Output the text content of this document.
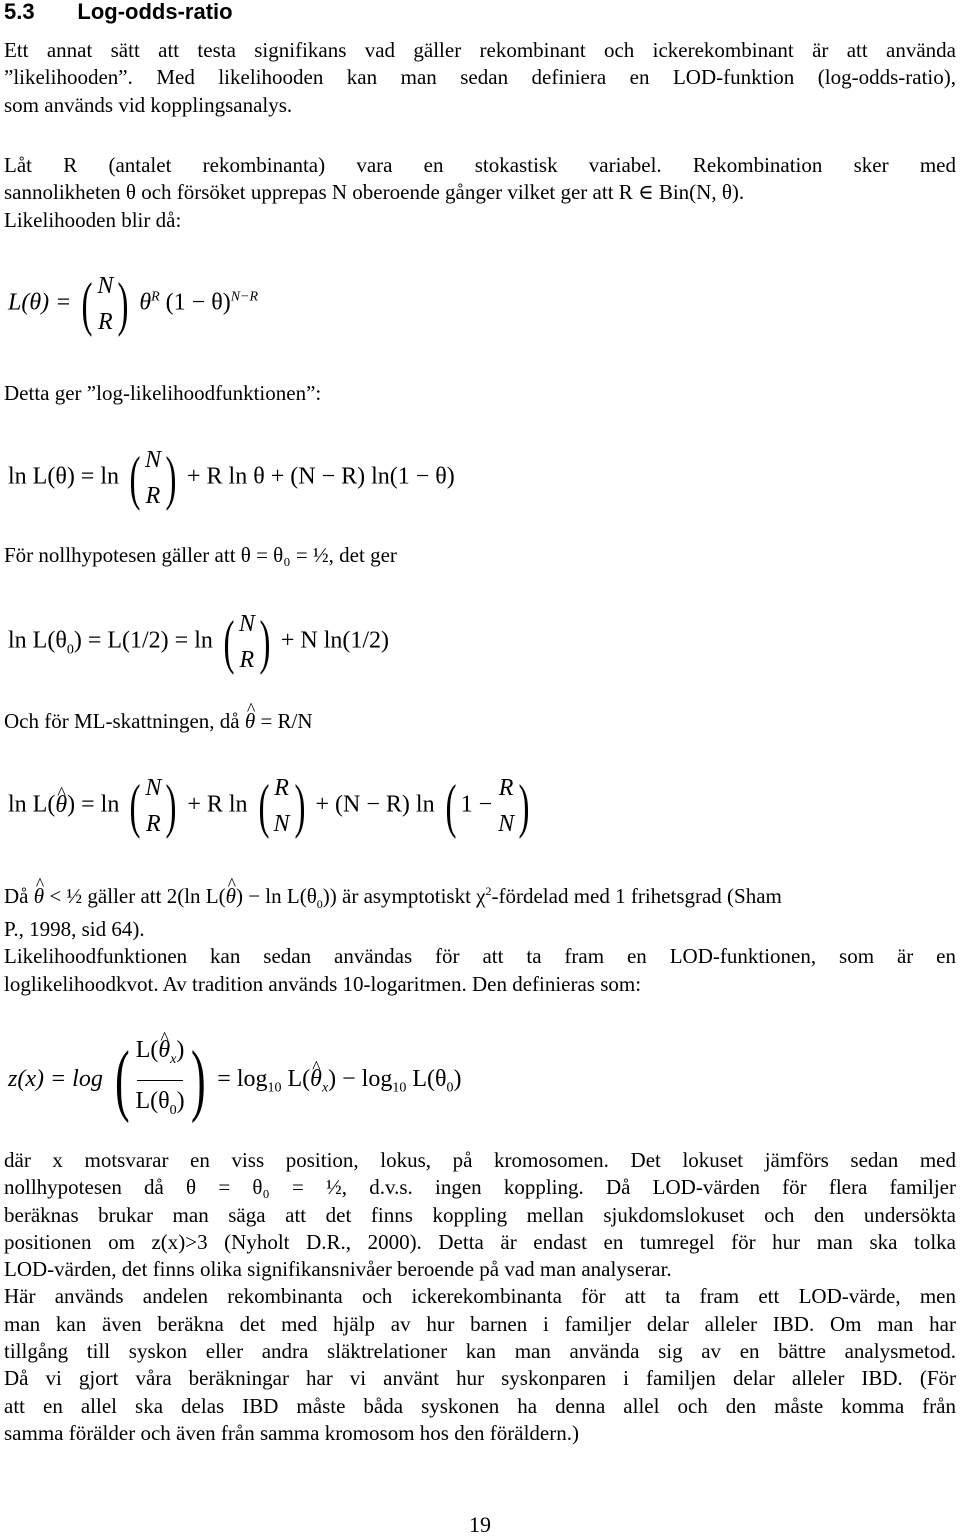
5.3 Log-odds-ratio
Ett annat sätt att testa signifikans vad gäller rekombinant och ickerekombinant är att använda
”likelihooden”. Med likelihooden kan man sedan definiera en LOD-funktion (log-odds-ratio),
som används vid kopplingsanalys.
Låt R (antalet rekombinanta) vara en stokastisk variabel. Rekombination sker med
sannolikheten θ och försöket upprepas N oberoende gånger vilket ger att R ∈ Bin(N, θ).
Likelihooden blir då:
L(θ) = ( N
R ) $\theta^R$ $(1 - \theta)^{N-R}$
Detta ger ”log-likelihoodfunktionen”:
ln L(θ) = ln ( N
R ) + R ln θ + (N − R) ln(1 − θ)
För nollhypotesen gäller att θ = θ₀ = ½, det ger
$\ln L(\theta_0) = L(1/2) = \ln$ ( N
R ) + N ln(1/2)
Och för ML-skattningen, då ^ θ = R/N
ln L(^ θ) = ln ( N
R ) + R ln ( R
N ) + (N − R) ln ( 1 −
R
N )
Då ^ θ < ½ gäller att 2(ln L(^ $\theta) - \ln L(\theta_0)$) är asymptotiskt $\chi^2$-fördelad med 1 frihetsgrad (Sham
P., 1998, sid 64).
Likelihoodfunktionen kan sedan användas för att ta fram en LOD-funktionen, som är en
loglikelihoodkvot. Av tradition används 10-logaritmen. Den definieras som:
z(x) = log ( $\frac{L(\^{} \theta_x)}{L(\theta_0)}$ ) = $\log_{10}$ L(^ $\theta_x) - \log_{10} L(\theta_0)$
där x motsvarar en viss position, lokus, på kromosomen. Det lokuset jämförs sedan med
nollhypotesen då θ = θ₀ = ½, d.v.s. ingen koppling. Då LOD-värden för flera familjer
beräknas brukar man säga att det finns koppling mellan sjukdomslokuset och den undersökta
positionen om z(x)>3 (Nyholt D.R., 2000). Detta är endast en tumregel för hur man ska tolka
LOD-värden, det finns olika signifikansnivåer beroende på vad man analyserar.
Här används andelen rekombinanta och ickerekombinanta för att ta fram ett LOD-värde, men
man kan även beräkna det med hjälp av hur barnen i familjer delar alleler IBD. Om man har
tillgång till syskon eller andra släktrelationer kan man använda sig av en bättre analysmetod.
Då vi gjort våra beräkningar har vi använt hur syskonparen i familjen delar alleler IBD. (För
att en allel ska delas IBD måste båda syskonen ha denna allel och den måste komma från
samma förälder och även från samma kromosom hos den föräldern.)
19
